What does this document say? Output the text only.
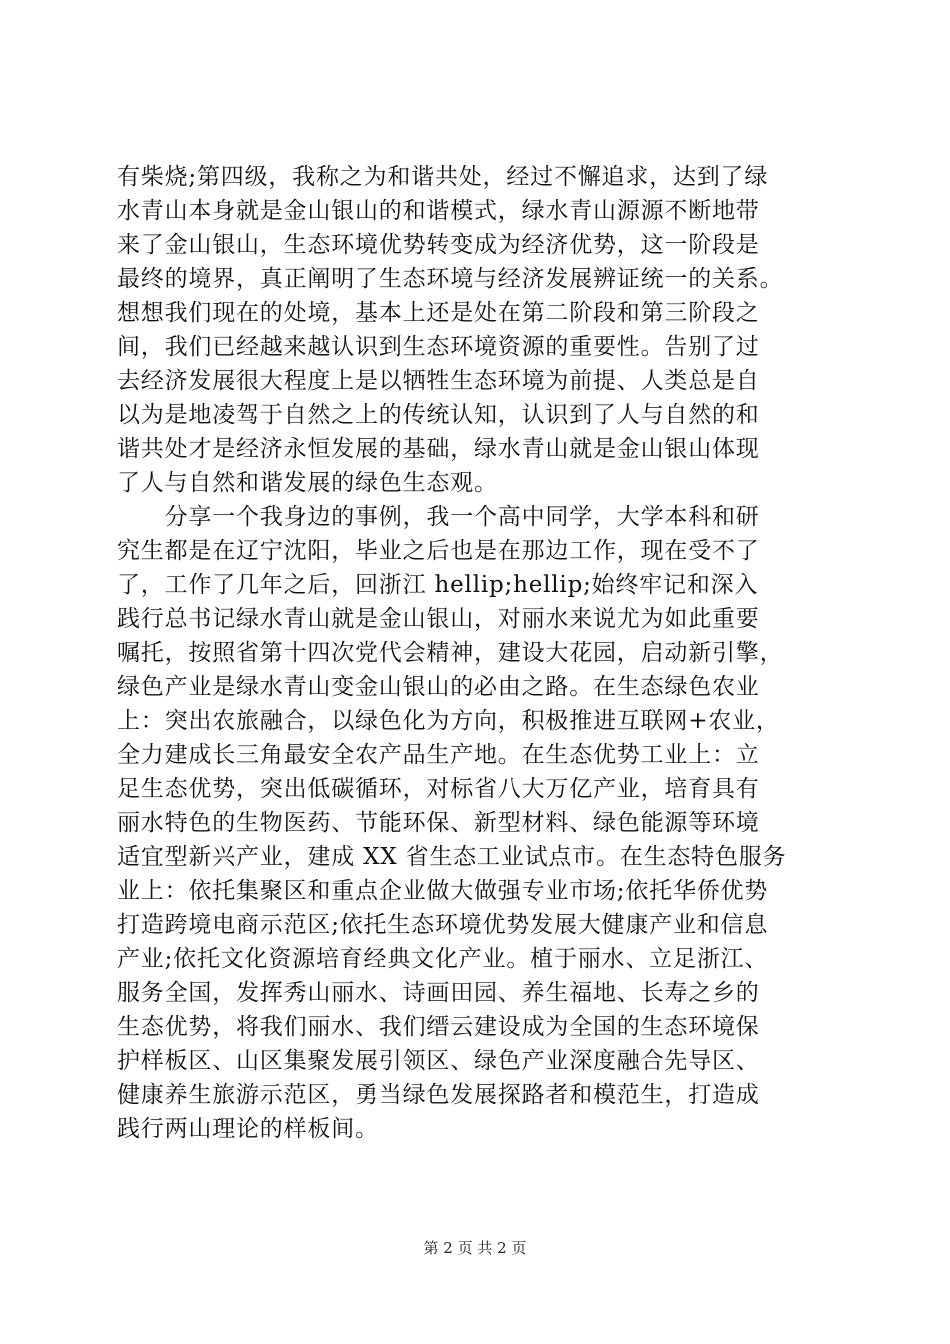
有柴烧;第四级，我称之为和谐共处，经过不懈追求，达到了绿
水青山本身就是金山银山的和谐模式，绿水青山源源不断地带
来了金山银山，生态环境优势转变成为经济优势，这一阶段是
最终的境界，真正阐明了生态环境与经济发展辨证统一的关系。
想想我们现在的处境，基本上还是处在第二阶段和第三阶段之
间，我们已经越来越认识到生态环境资源的重要性。告别了过
去经济发展很大程度上是以牺牲生态环境为前提、人类总是自
以为是地凌驾于自然之上的传统认知，认识到了人与自然的和
谐共处才是经济永恒发展的基础，绿水青山就是金山银山体现
了人与自然和谐发展的绿色生态观。
　　分享一个我身边的事例，我一个高中同学，大学本科和研
究生都是在辽宁沈阳，毕业之后也是在那边工作，现在受不了
了，工作了几年之后，回浙江 hellip;hellip;始终牢记和深入
践行总书记绿水青山就是金山银山，对丽水来说尤为如此重要
嘱托，按照省第十四次党代会精神，建设大花园，启动新引擎，
绿色产业是绿水青山变金山银山的必由之路。在生态绿色农业
上：突出农旅融合，以绿色化为方向，积极推进互联网+农业，
全力建成长三角最安全农产品生产地。在生态优势工业上：立
足生态优势，突出低碳循环，对标省八大万亿产业，培育具有
丽水特色的生物医药、节能环保、新型材料、绿色能源等环境
适宜型新兴产业，建成 XX 省生态工业试点市。在生态特色服务
业上：依托集聚区和重点企业做大做强专业市场;依托华侨优势
打造跨境电商示范区;依托生态环境优势发展大健康产业和信息
产业;依托文化资源培育经典文化产业。植于丽水、立足浙江、
服务全国，发挥秀山丽水、诗画田园、养生福地、长寿之乡的
生态优势，将我们丽水、我们缙云建设成为全国的生态环境保
护样板区、山区集聚发展引领区、绿色产业深度融合先导区、
健康养生旅游示范区，勇当绿色发展探路者和模范生，打造成
践行两山理论的样板间。
第 2 页 共 2 页
